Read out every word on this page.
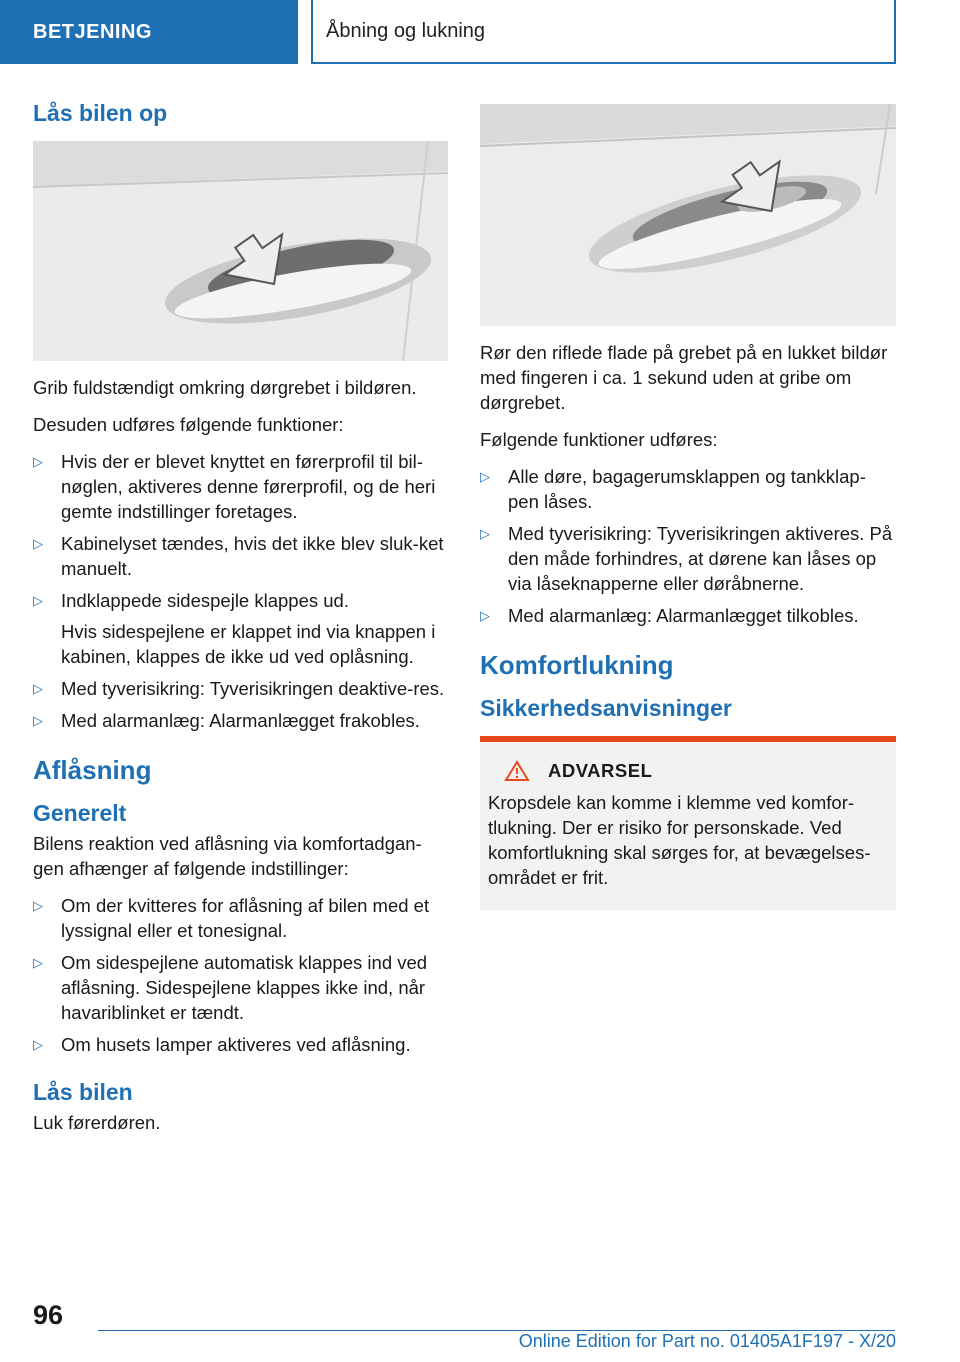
BETJENING	Åbning og lukning
Lås bilen op

Grib fuldstændigt omkring dørgrebet i bildøren.

Desuden udføres følgende funktioner:

▷ Hvis der er blevet knyttet en førerprofil til bil-nøglen, aktiveres denne førerprofil, og de heri gemte indstillinger foretages.
▷ Kabinelyset tændes, hvis det ikke blev sluk-ket manuelt.
▷ Indklappede sidespejle klappes ud.
Hvis sidespejlene er klappet ind via knappen i kabinen, klappes de ikke ud ved oplåsning.
▷ Med tyverisikring: Tyverisikringen deaktive-res.
▷ Med alarmanlæg: Alarmanlægget frakobles.
Aflåsning
Generelt

Bilens reaktion ved aflåsning via komfortadgan-gen afhænger af følgende indstillinger:

▷ Om der kvitteres for aflåsning af bilen med et lyssignal eller et tonesignal.
▷ Om sidespejlene automatisk klappes ind ved aflåsning. Sidespejlene klappes ikke ind, når havariblinket er tændt.
▷ Om husets lamper aktiveres ved aflåsning.
Lås bilen

Luk førerdøren.

Rør den riflede flade på grebet på en lukket bildør med fingeren i ca. 1 sekund uden at gribe om dørgrebet.

Følgende funktioner udføres:

▷ Alle døre, bagagerumsklappen og tankklap-pen låses.
▷ Med tyverisikring: Tyverisikringen aktiveres. På den måde forhindres, at dørene kan låses op via låseknapperne eller døråbnerne.
▷ Med alarmanlæg: Alarmanlægget tilkobles.
Komfortlukning
Sikkerhedsanvisninger
ADVARSEL

Kropsdele kan komme i klemme ved komfor-tlukning. Der er risiko for personskade. Ved komfortlukning skal sørges for, at bevægelses-området er frit.

96
Online Edition for Part no. 01405A1F197 - X/20
